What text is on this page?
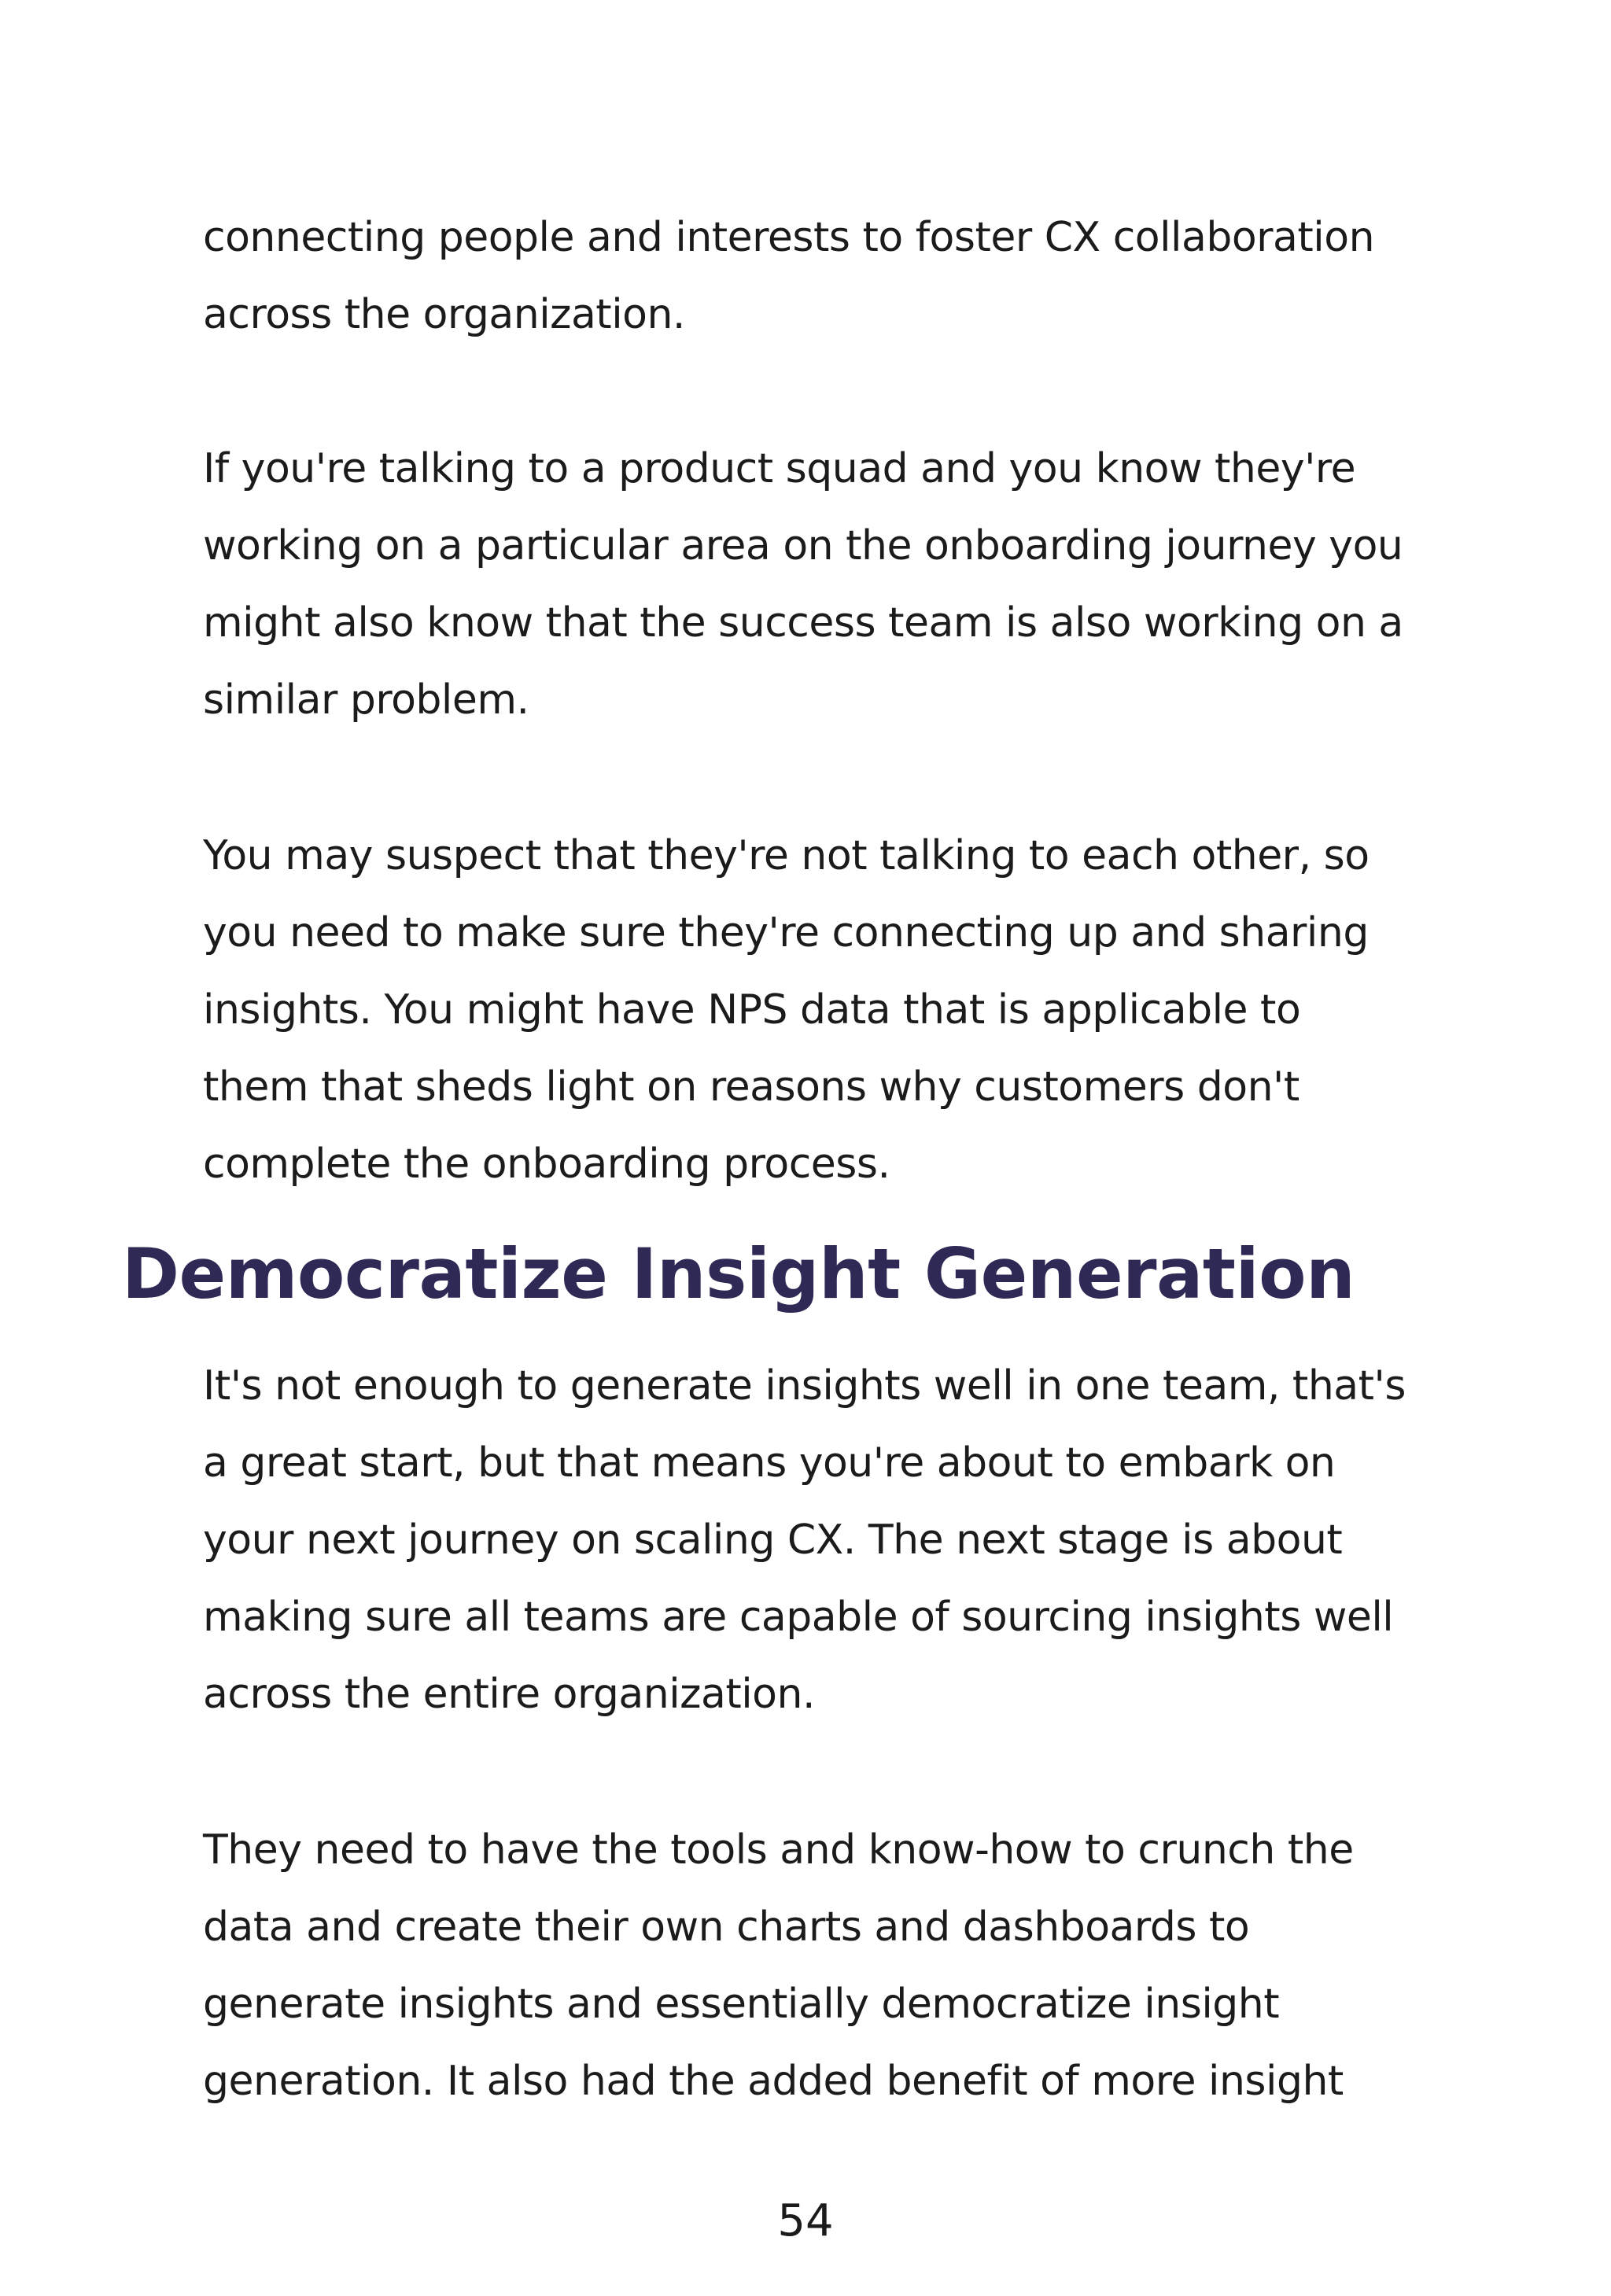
connecting people and interests to foster CX collaboration
across the organization.

If you're talking to a product squad and you know they're
working on a particular area on the onboarding journey you
might also know that the success team is also working on a
similar problem.

You may suspect that they're not talking to each other, so
you need to make sure they're connecting up and sharing
insights. You might have NPS data that is applicable to
them that sheds light on reasons why customers don't
complete the onboarding process.

Democratize Insight Generation

It's not enough to generate insights well in one team, that's
a great start, but that means you're about to embark on
your next journey on scaling CX. The next stage is about
making sure all teams are capable of sourcing insights well
across the entire organization.

They need to have the tools and know-how to crunch the
data and create their own charts and dashboards to
generate insights and essentially democratize insight
generation. It also had the added benefit of more insight

54
